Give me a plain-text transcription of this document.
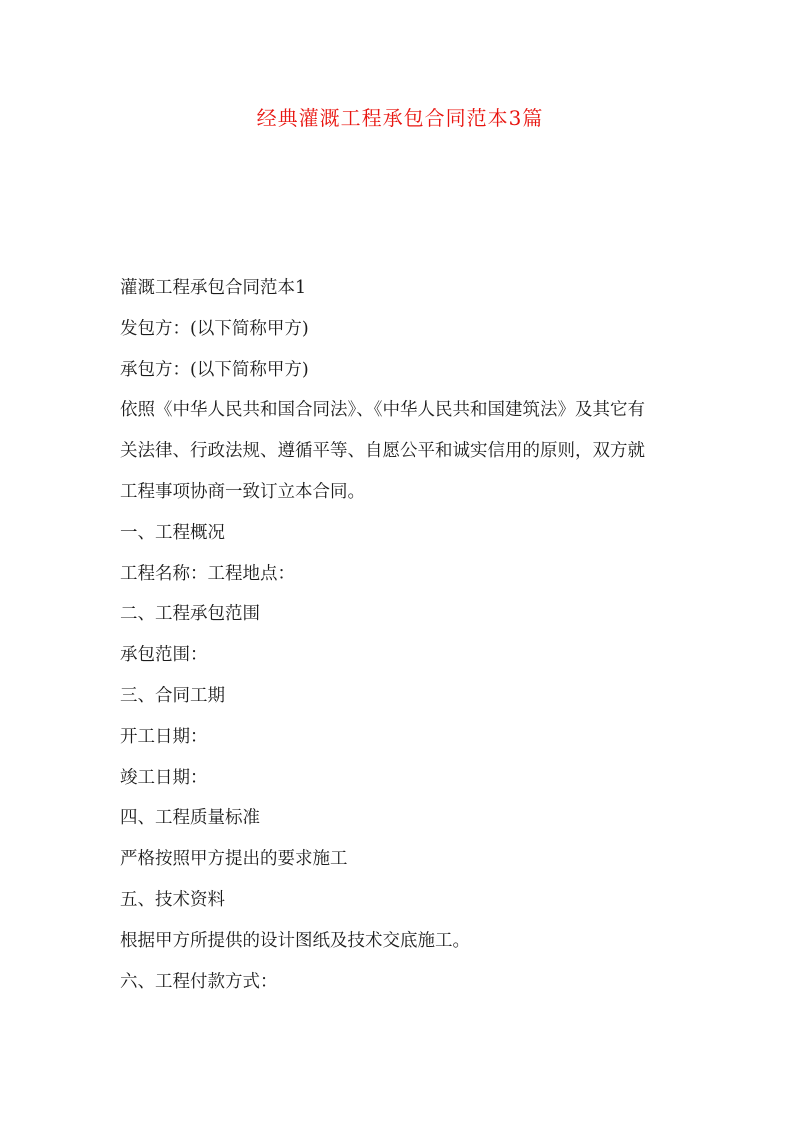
经典灌溉工程承包合同范本3篇
灌溉工程承包合同范本1
发包方：(以下简称甲方)
承包方：(以下简称甲方)
依照《中华人民共和国合同法》、《中华人民共和国建筑法》及其它有
关法律、行政法规、遵循平等、自愿公平和诚实信用的原则，双方就
工程事项协商一致订立本合同。
一、工程概况
工程名称：工程地点：
二、工程承包范围
承包范围：
三、合同工期
开工日期：
竣工日期：
四、工程质量标准
严格按照甲方提出的要求施工
五、技术资料
根据甲方所提供的设计图纸及技术交底施工。
六、工程付款方式：
